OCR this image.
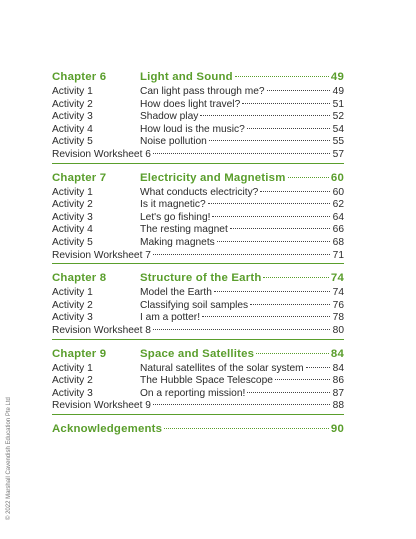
© 2022 Marshall Cavendish Education Pte Ltd
Chapter 6	Light and Sound	49
Activity 1	Can light pass through me?	49
Activity 2	How does light travel?	51
Activity 3	Shadow play	52
Activity 4	How loud is the music?	54
Activity 5	Noise pollution	55
Revision Worksheet 6	57
Chapter 7	Electricity and Magnetism	60
Activity 1	What conducts electricity?	60
Activity 2	Is it magnetic?	62
Activity 3	Let's go fishing!	64
Activity 4	The resting magnet	66
Activity 5	Making magnets	68
Revision Worksheet 7	71
Chapter 8	Structure of the Earth	74
Activity 1	Model the Earth	74
Activity 2	Classifying soil samples	76
Activity 3	I am a potter!	78
Revision Worksheet 8	80
Chapter 9	Space and Satellites	84
Activity 1	Natural satellites of the solar system	84
Activity 2	The Hubble Space Telescope	86
Activity 3	On a reporting mission!	87
Revision Worksheet 9	88
Acknowledgements	90
